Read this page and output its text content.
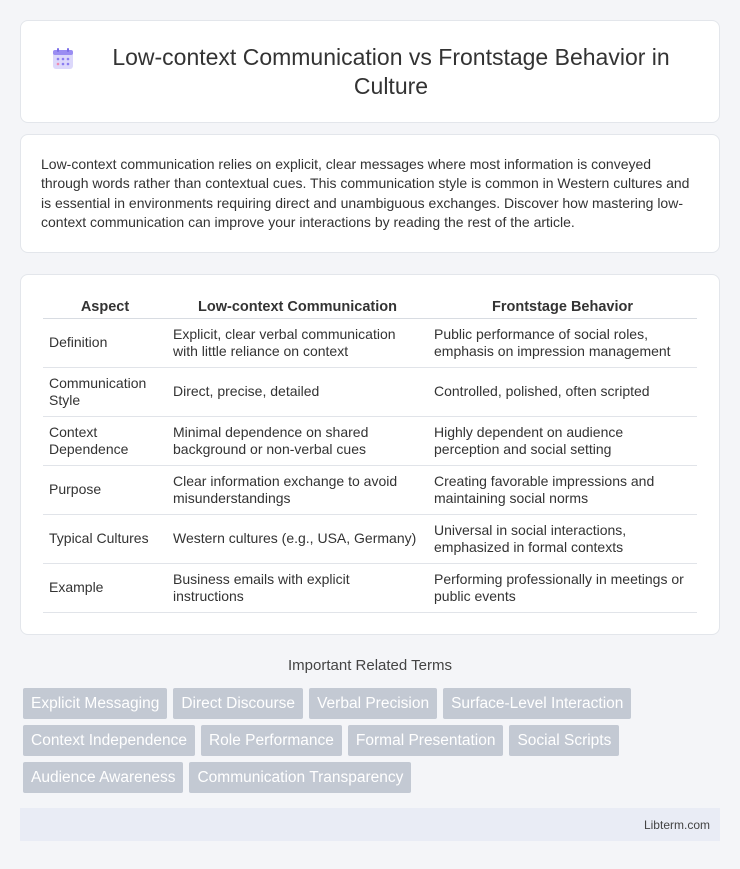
Low-context Communication vs Frontstage Behavior in Culture

Low-context communication relies on explicit, clear messages where most information is conveyed through words rather than contextual cues. This communication style is common in Western cultures and is essential in environments requiring direct and unambiguous exchanges. Discover how mastering low-context communication can improve your interactions by reading the rest of the article.

Aspect	Low-context Communication	Frontstage Behavior
Definition	Explicit, clear verbal communication with little reliance on context	Public performance of social roles, emphasis on impression management
Communication Style	Direct, precise, detailed	Controlled, polished, often scripted
Context Dependence	Minimal dependence on shared background or non-verbal cues	Highly dependent on audience perception and social setting
Purpose	Clear information exchange to avoid misunderstandings	Creating favorable impressions and maintaining social norms
Typical Cultures	Western cultures (e.g., USA, Germany)	Universal in social interactions, emphasized in formal contexts
Example	Business emails with explicit instructions	Performing professionally in meetings or public events
Important Related Terms
Explicit Messaging	Direct Discourse	Verbal Precision	Surface-Level Interaction
Context Independence	Role Performance	Formal Presentation	Social Scripts
Audience Awareness	Communication Transparency
Libterm.com
